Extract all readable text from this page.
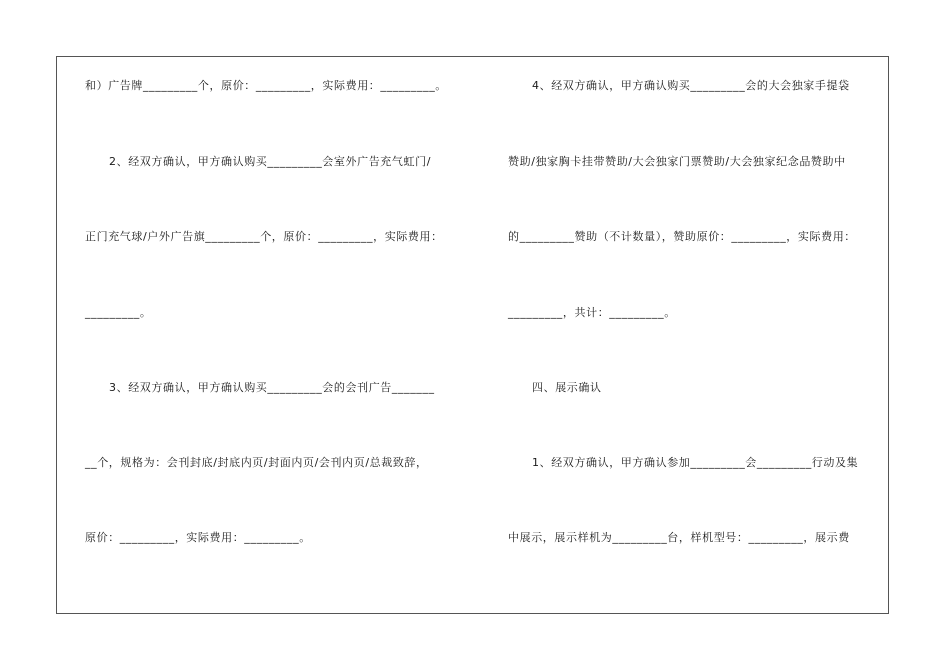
和）广告牌_________个，原价：_________，实际费用：_________。
2、经双方确认，甲方确认购买_________会室外广告充气虹门/
正门充气球/户外广告旗_________个，原价：_________，实际费用：
_________。
3、经双方确认，甲方确认购买_________会的会刊广告_______
__个，规格为：会刊封底/封底内页/封面内页/会刊内页/总裁致辞，
原价：_________，实际费用：_________。
4、经双方确认，甲方确认购买_________会的大会独家手提袋
赞助/独家胸卡挂带赞助/大会独家门票赞助/大会独家纪念品赞助中
的_________赞助（不计数量），赞助原价：_________，实际费用：
_________，共计：_________。
四、展示确认
1、经双方确认，甲方确认参加_________会_________行动及集
中展示，展示样机为_________台，样机型号：_________，展示费
